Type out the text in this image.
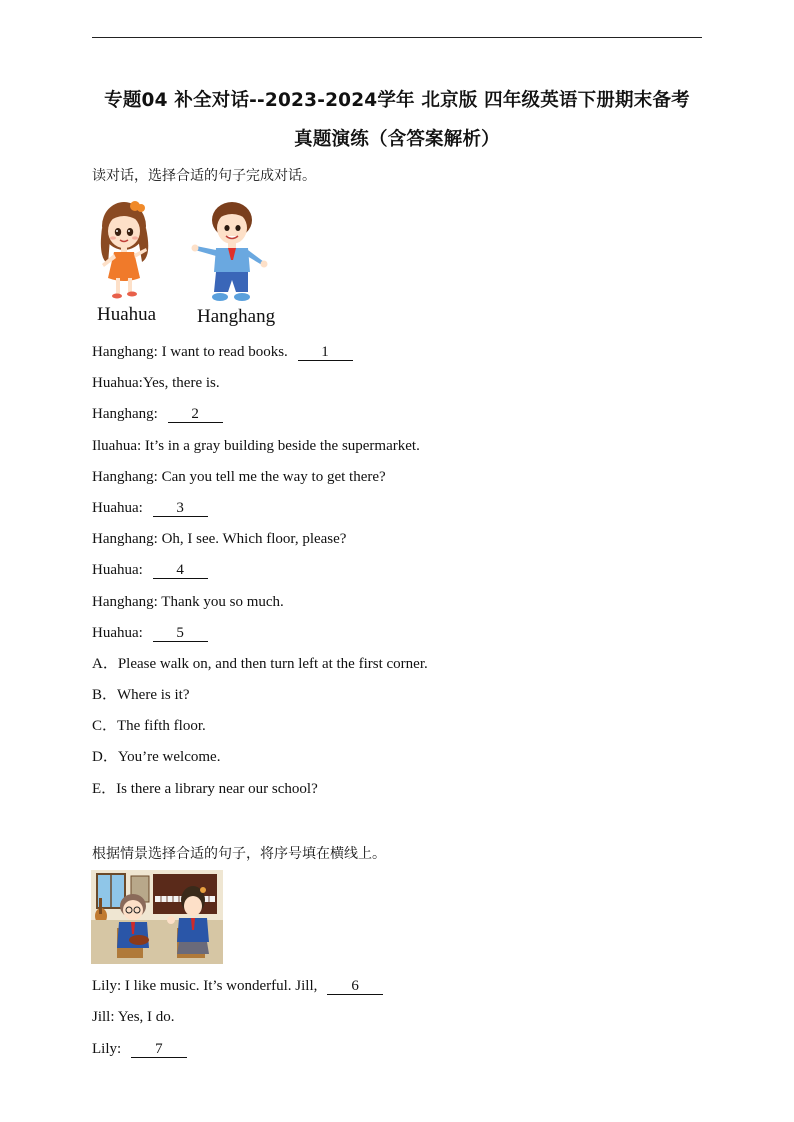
专题04 补全对话--2023-2024学年 北京版 四年级英语下册期末备考
真题演练（含答案解析）
读对话，选择合适的句子完成对话。
Huahua Hanghang
Hanghang: I want to read books. 1
Huahua:Yes, there is.
Hanghang: 2
Iluahua: It’s in a gray building beside the supermarket.
Hanghang: Can you tell me the way to get there?
Huahua: 3
Hanghang: Oh, I see. Which floor, please?
Huahua: 4
Hanghang: Thank you so much.
Huahua: 5
A．Please walk on, and then turn left at the first corner.
B．Where is it?
C．The fifth floor.
D．You’re welcome.
E．Is there a library near our school?
根据情景选择合适的句子，将序号填在横线上。
Lily: I like music. It’s wonderful. Jill, 6
Jill: Yes, I do.
Lily: 7
